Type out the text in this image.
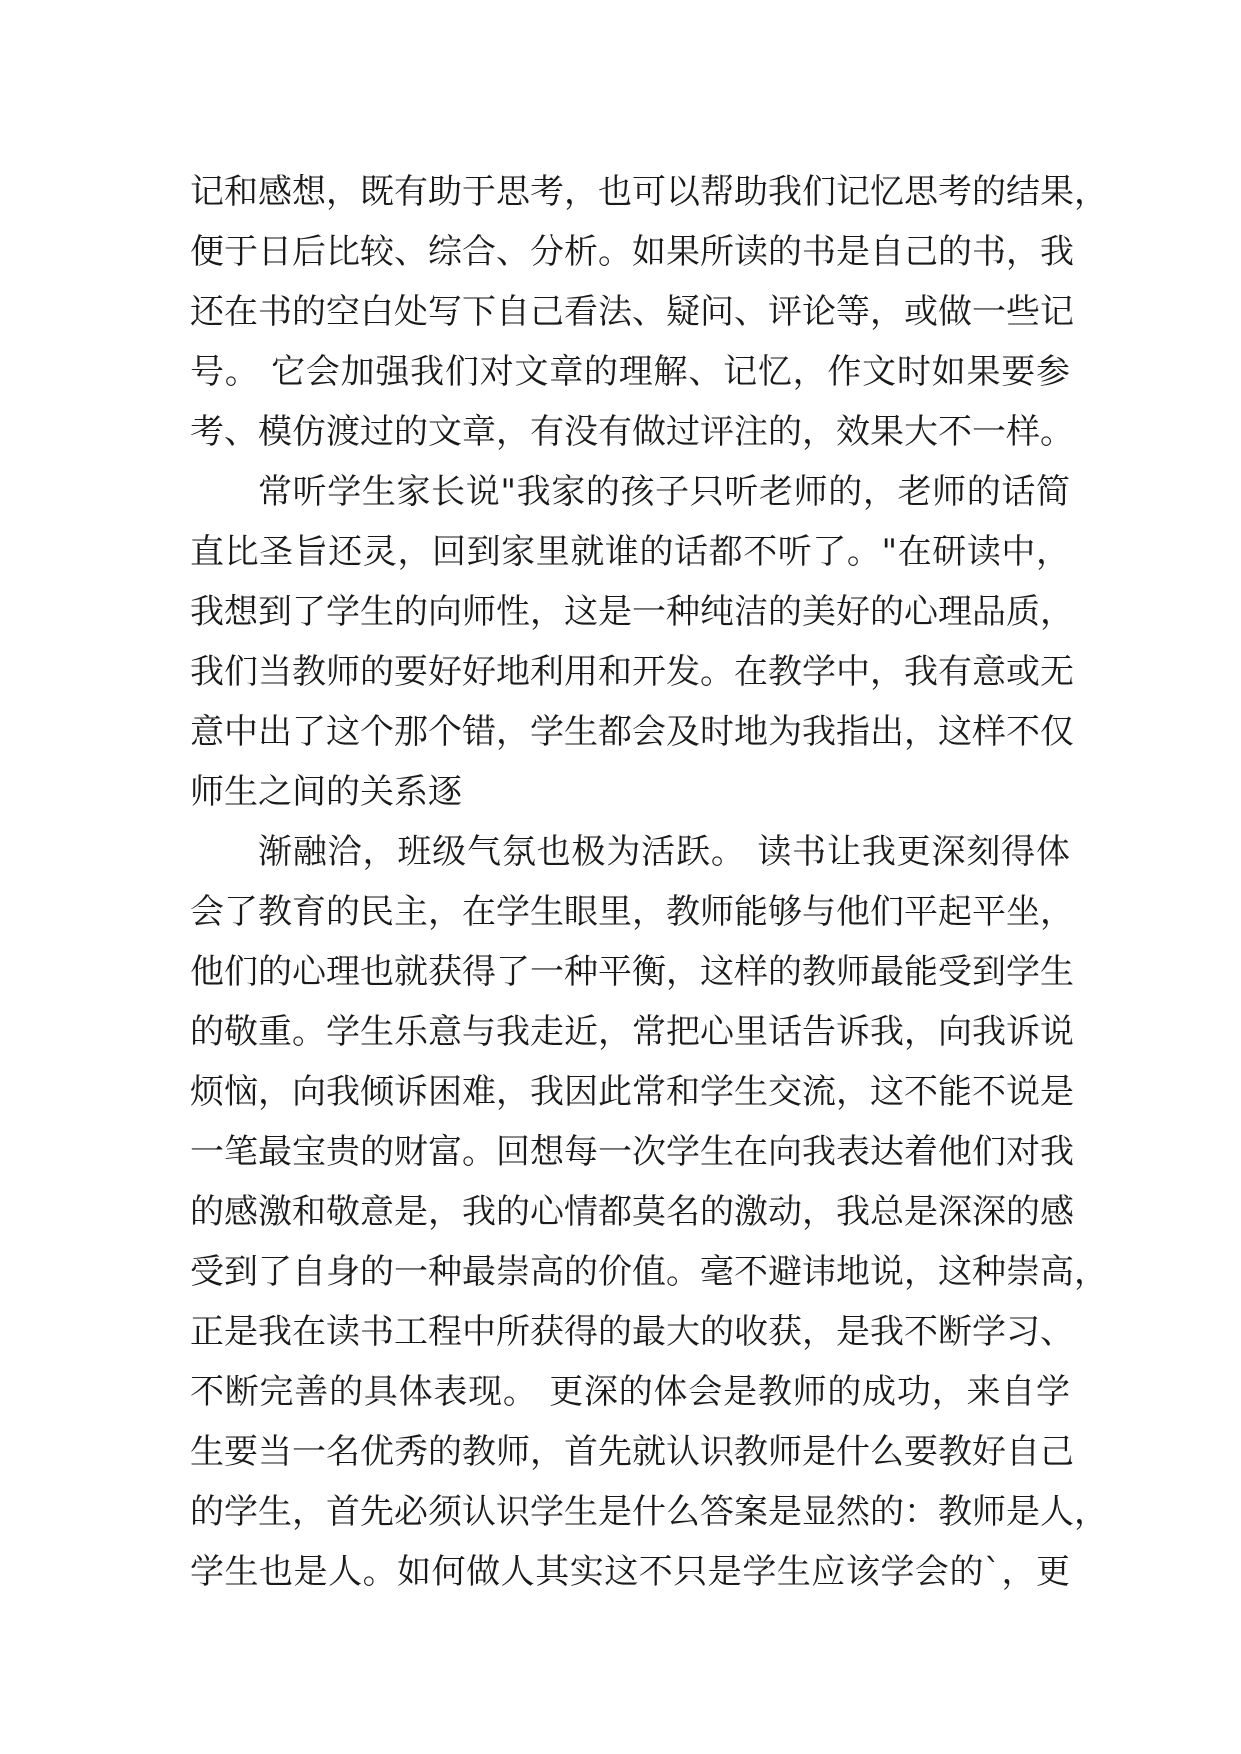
记和感想，既有助于思考，也可以帮助我们记忆思考的结果，
便于日后比较、综合、分析。如果所读的书是自己的书，我
还在书的空白处写下自己看法、疑问、评论等，或做一些记
号。 它会加强我们对文章的理解、记忆，作文时如果要参
考、模仿渡过的文章，有没有做过评注的，效果大不一样。
常听学生家长说"我家的孩子只听老师的，老师的话简
直比圣旨还灵，回到家里就谁的话都不听了。"在研读中，
我想到了学生的向师性，这是一种纯洁的美好的心理品质，
我们当教师的要好好地利用和开发。在教学中，我有意或无
意中出了这个那个错，学生都会及时地为我指出，这样不仅
师生之间的关系逐
渐融洽，班级气氛也极为活跃。 读书让我更深刻得体
会了教育的民主，在学生眼里，教师能够与他们平起平坐，
他们的心理也就获得了一种平衡，这样的教师最能受到学生
的敬重。学生乐意与我走近，常把心里话告诉我，向我诉说
烦恼，向我倾诉困难，我因此常和学生交流，这不能不说是
一笔最宝贵的财富。回想每一次学生在向我表达着他们对我
的感激和敬意是，我的心情都莫名的激动，我总是深深的感
受到了自身的一种最崇高的价值。毫不避讳地说，这种崇高，
正是我在读书工程中所获得的最大的收获，是我不断学习、
不断完善的具体表现。 更深的体会是教师的成功，来自学
生要当一名优秀的教师，首先就认识教师是什么要教好自己
的学生，首先必须认识学生是什么答案是显然的：教师是人，
学生也是人。如何做人其实这不只是学生应该学会的`，更
